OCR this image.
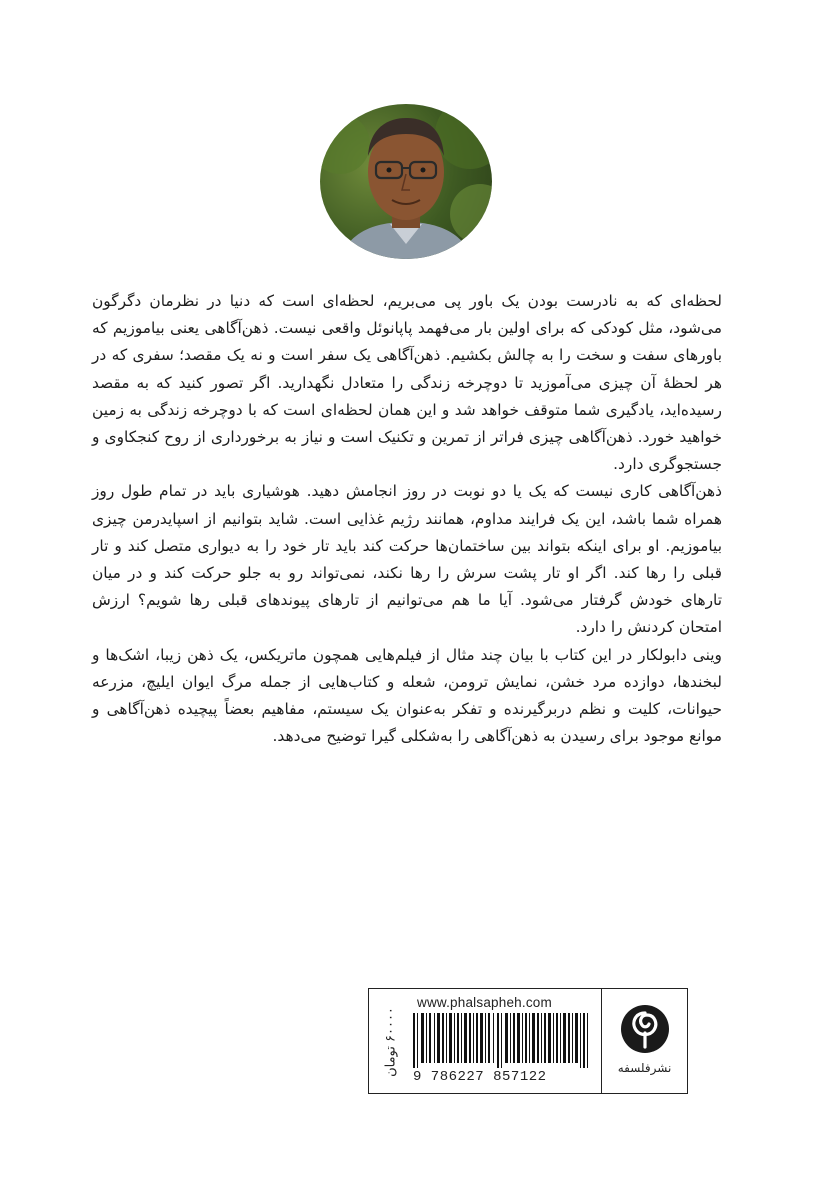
لحظه‌ای که به نادرست بودن یک باور پی می‌بریم، لحظه‌ای است که دنیا در نظرمان دگرگون می‌شود، مثل کودکی که برای اولین بار می‌فهمد پاپانوئل واقعی نیست. ذهن‌آگاهی یعنی بیاموزیم که باورهای سفت و سخت را به چالش بکشیم. ذهن‌آگاهی یک سفر است و نه یک مقصد؛ سفری که در هر لحظهٔ آن چیزی می‌آموزید تا دوچرخه زندگی را متعادل نگهدارید. اگر تصور کنید که به مقصد رسیده‌اید، یادگیری شما متوقف خواهد شد و این همان لحظه‌ای است که با دوچرخه زندگی به زمین خواهید خورد. ذهن‌آگاهی چیزی فراتر از تمرین و تکنیک است و نیاز به برخورداری از روح کنجکاوی و جستجوگری دارد.

ذهن‌آگاهی کاری نیست که یک یا دو نوبت در روز انجامش دهید. هوشیاری باید در تمام طول روز همراه شما باشد، این یک فرایند مداوم، همانند رژیم غذایی است. شاید بتوانیم از اسپایدرمن چیزی بیاموزیم. او برای اینکه بتواند بین ساختمان‌ها حرکت کند باید تار خود را به دیواری متصل کند و تار قبلی را رها کند. اگر او تار پشت سرش را رها نکند، نمی‌تواند رو به جلو حرکت کند و در میان تارهای خودش گرفتار می‌شود. آیا ما هم می‌توانیم از تارهای پیوندهای قبلی رها شویم؟ ارزش امتحان کردنش را دارد.

وینی دابولکار در این کتاب با بیان چند مثال از فیلم‌هایی همچون ماتریکس، یک ذهن زیبا، اشک‌ها و لبخندها، دوازده مرد خشن، نمایش ترومن، شعله و کتاب‌هایی از جمله مرگ ایوان ایلیچ، مزرعه حیوانات، کلیت و نظم دربرگیرنده و تفکر به‌عنوان یک سیستم، مفاهیم بعضاً پیچیده ذهن‌آگاهی و موانع موجود برای رسیدن به ذهن‌آگاهی را به‌شکلی گیرا توضیح می‌دهد.

۶۰۰۰۰ تومان
www.phalsapheh.com
9 786227 857122
نشرفلسفه
